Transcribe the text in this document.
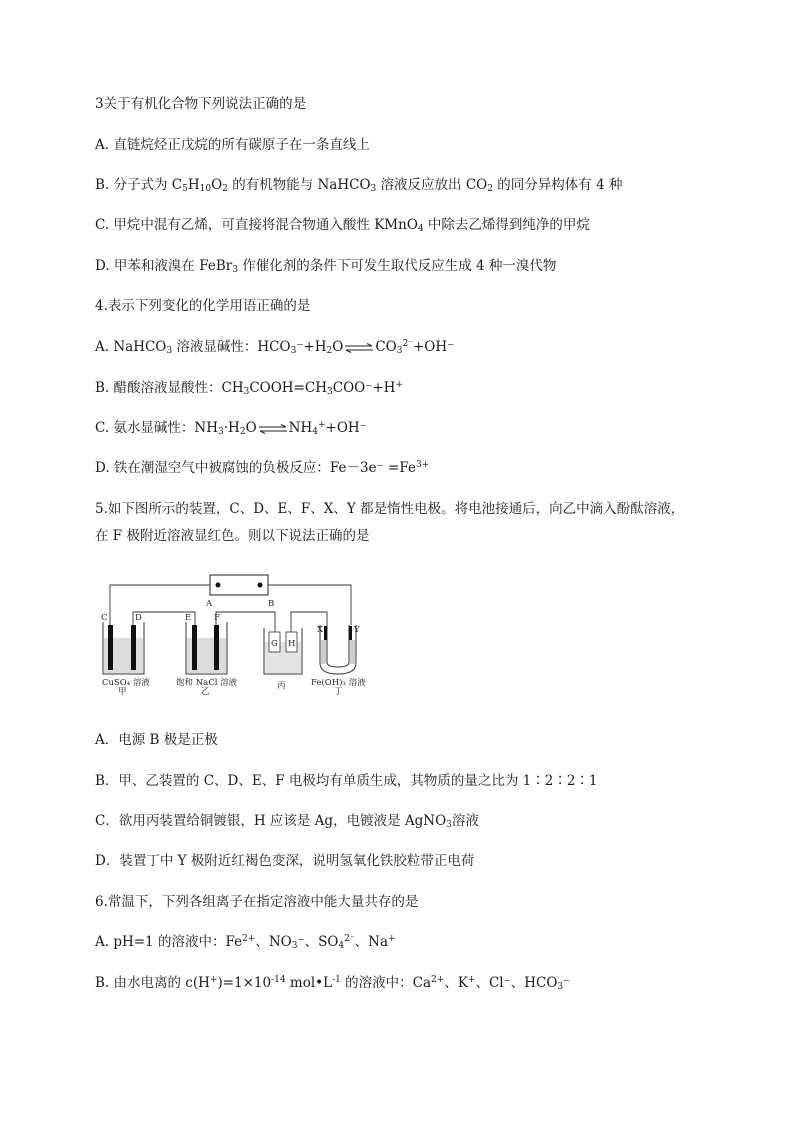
3关于有机化合物下列说法正确的是
A. 直链烷烃正戊烷的所有碳原子在一条直线上
B. 分子式为 $C_5H_{10}O_2$ 的有机物能与 NaHCO$_3$ 溶液反应放出 $CO_2$ 的同分异构体有 4 种
C. 甲烷中混有乙烯，可直接将混合物通入酸性 KMnO$_4$ 中除去乙烯得到纯净的甲烷
D. 甲苯和液溴在 FeBr$_3$ 作催化剂的条件下可发生取代反应生成 4 种一溴代物
4.表示下列变化的化学用语正确的是
A. NaHCO$_3$ 溶液显碱性：$HCO_3^-+H_2O\rightleftharpoons CO_3^{2^-}+OH^-$
B. 醋酸溶液显酸性：$CH_3COOH=CH_3COO^-+H^+$
C. 氨水显碱性：$NH_3\cdot H_2O\rightleftharpoons NH_4^++OH^-$
D. 铁在潮湿空气中被腐蚀的负极反应：$Fe-3e^- =Fe^{3+}$
5.如下图所示的装置，C、D、E、F、X、Y 都是惰性电极。将电池接通后，向乙中滴入酚酞溶液，
在 F 极附近溶液显红色。则以下说法正确的是
A	B
C	D
CuSO₄ 溶液
甲
E	F
饱和 NaCl 溶液
乙
G H
丙
X	Y
Fe(OH)₃ 溶液
丁
A．电源 B 极是正极
B．甲、乙装置的 C、D、E、F 电极均有单质生成，其物质的量之比为 1∶2∶2∶1
C．欲用丙装置给铜镀银，H 应该是 Ag，电镀液是 AgNO$_3$溶液
D．装置丁中 Y 极附近红褐色变深，说明氢氧化铁胶粒带正电荷
6.常温下，下列各组离子在指定溶液中能大量共存的是
A. pH=1 的溶液中：$Fe^{2+}$、$NO_3^-$、$SO_4^{2^-}$、Na+
B. 由水电离的 $c(H^+)=1\times 10^{-14}$ $mol•L^{-1}$ 的溶液中：$Ca^{2+}$、K+、Cl⁻、$HCO_3^-$
